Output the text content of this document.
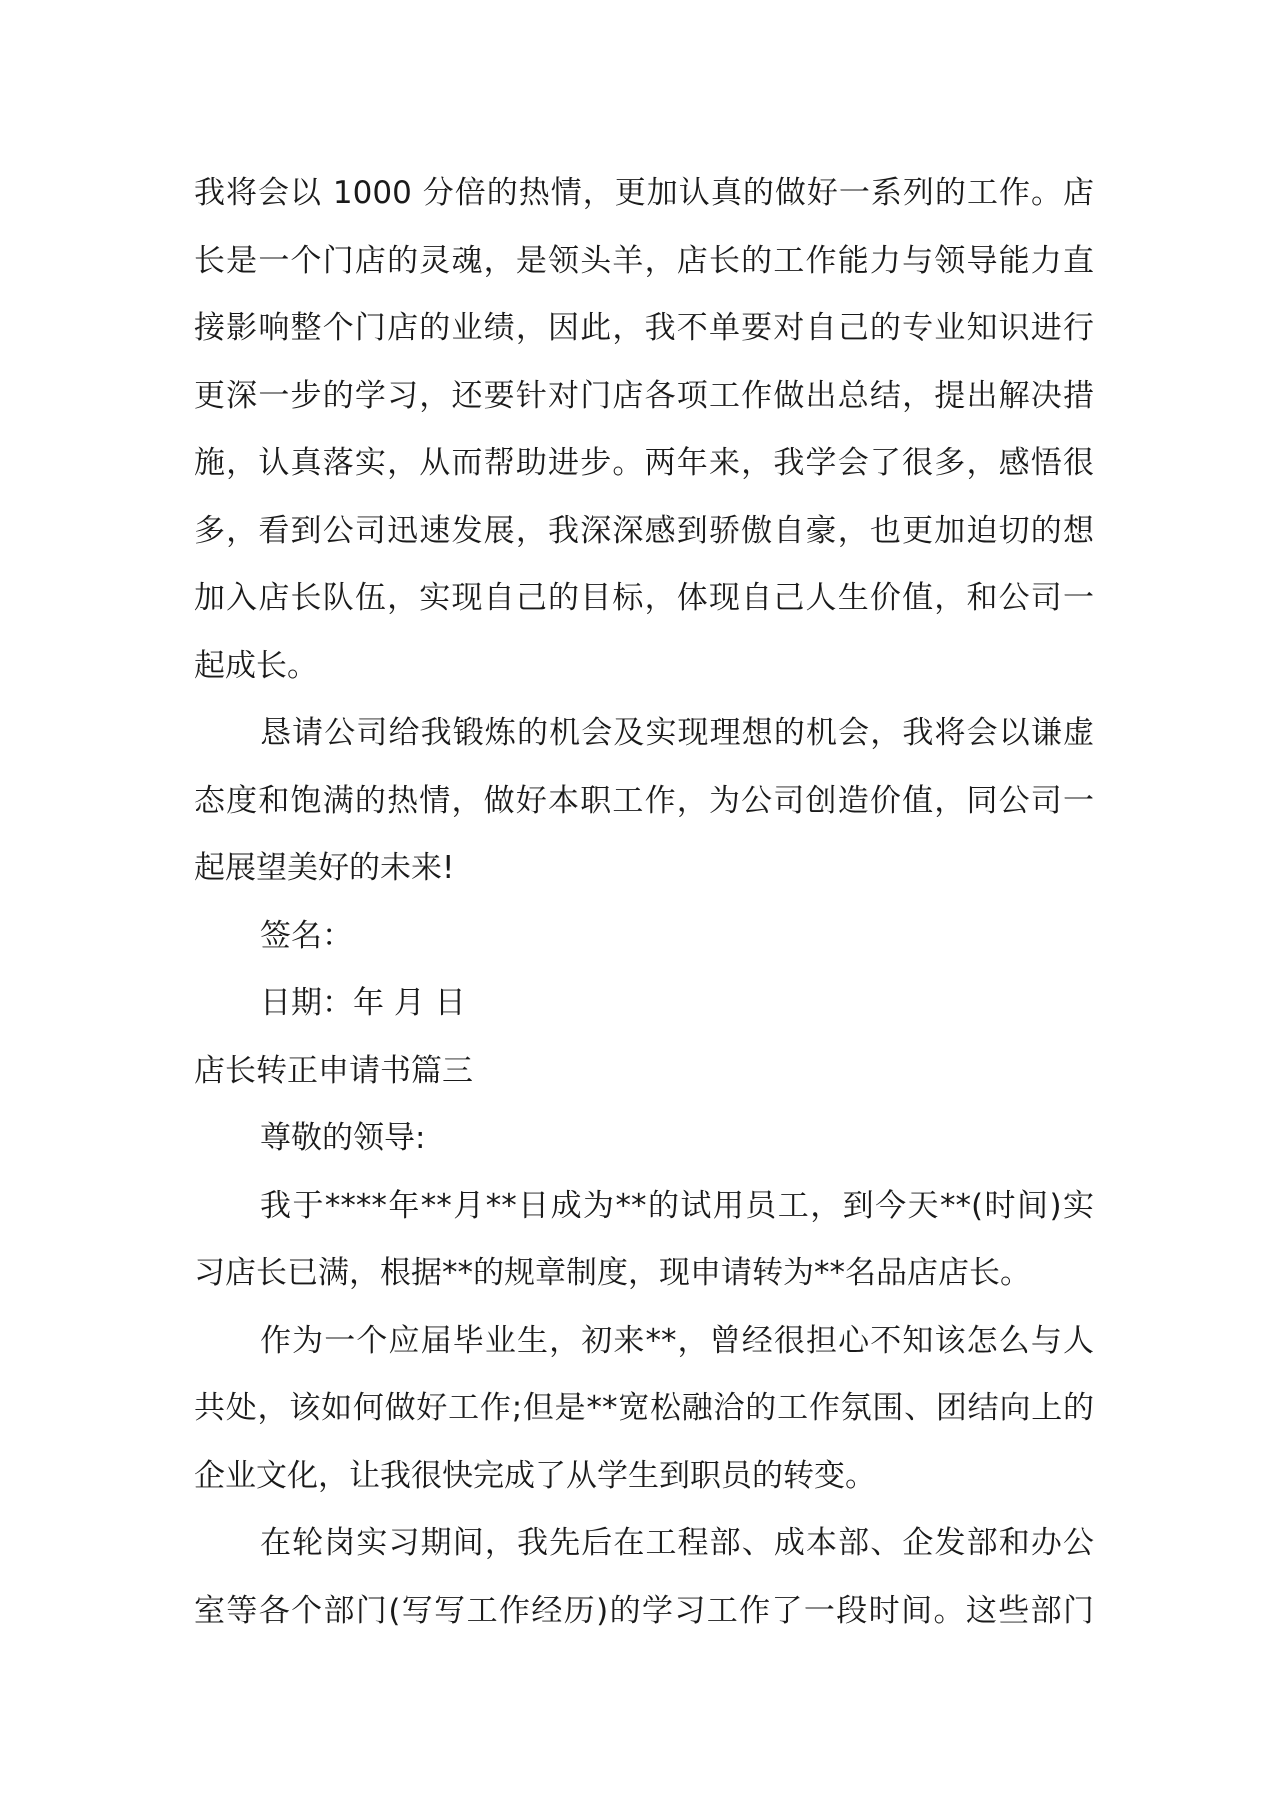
我将会以 1000 分倍的热情，更加认真的做好一系列的工作。店
长是一个门店的灵魂，是领头羊，店长的工作能力与领导能力直
接影响整个门店的业绩，因此，我不单要对自己的专业知识进行
更深一步的学习，还要针对门店各项工作做出总结，提出解决措
施，认真落实，从而帮助进步。两年来，我学会了很多，感悟很
多，看到公司迅速发展，我深深感到骄傲自豪，也更加迫切的想
加入店长队伍，实现自己的目标，体现自己人生价值，和公司一
起成长。
恳请公司给我锻炼的机会及实现理想的机会，我将会以谦虚
态度和饱满的热情，做好本职工作，为公司创造价值，同公司一
起展望美好的未来!
签名：
日期：年 月 日
店长转正申请书篇三
尊敬的领导:
我于****年**月**日成为**的试用员工，到今天**(时间)实
习店长已满，根据**的规章制度，现申请转为**名品店店长。
作为一个应届毕业生，初来**，曾经很担心不知该怎么与人
共处，该如何做好工作;但是**宽松融洽的工作氛围、团结向上的
企业文化，让我很快完成了从学生到职员的转变。
在轮岗实习期间，我先后在工程部、成本部、企发部和办公
室等各个部门(写写工作经历)的学习工作了一段时间。这些部门
